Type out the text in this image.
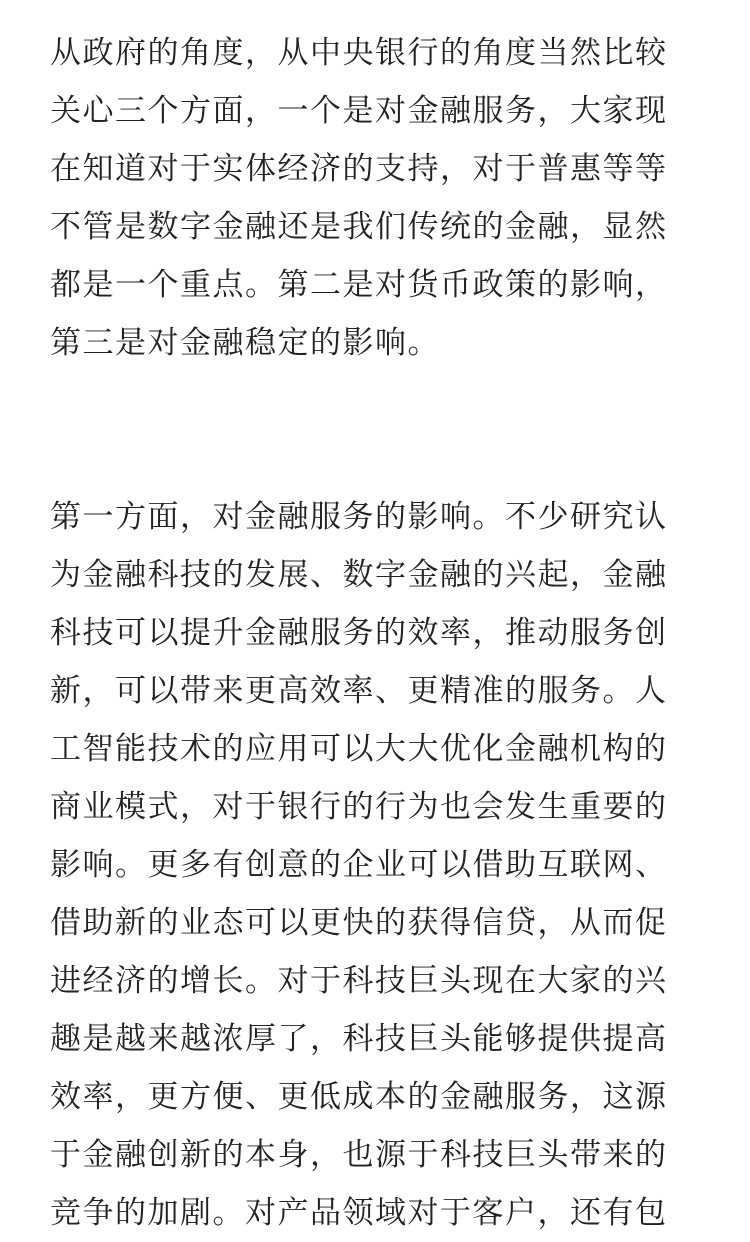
从政府的角度，从中央银行的角度当然比较
关心三个方面，一个是对金融服务，大家现
在知道对于实体经济的支持，对于普惠等等
不管是数字金融还是我们传统的金融，显然
都是一个重点。第二是对货币政策的影响，
第三是对金融稳定的影响。
第一方面，对金融服务的影响。不少研究认
为金融科技的发展、数字金融的兴起，金融
科技可以提升金融服务的效率，推动服务创
新，可以带来更高效率、更精准的服务。人
工智能技术的应用可以大大优化金融机构的
商业模式，对于银行的行为也会发生重要的
影响。更多有创意的企业可以借助互联网、
借助新的业态可以更快的获得信贷，从而促
进经济的增长。对于科技巨头现在大家的兴
趣是越来越浓厚了，科技巨头能够提供提高
效率，更方便、更低成本的金融服务，这源
于金融创新的本身，也源于科技巨头带来的
竞争的加剧。对产品领域对于客户，还有包
